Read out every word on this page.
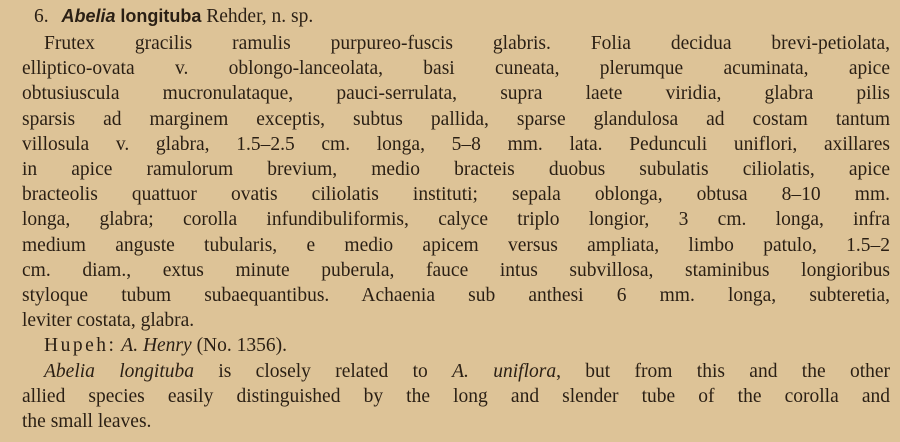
6. Abelia longituba Rehder, n. sp.
Frutex gracilis ramulis purpureo-fuscis glabris. Folia decidua brevi-petiolata,
elliptico-ovata v. oblongo-lanceolata, basi cuneata, plerumque acuminata, apice
obtusiuscula mucronulataque, pauci-serrulata, supra laete viridia, glabra pilis
sparsis ad marginem exceptis, subtus pallida, sparse glandulosa ad costam tantum
villosula v. glabra, 1.5–2.5 cm. longa, 5–8 mm. lata. Pedunculi uniflori, axillares
in apice ramulorum brevium, medio bracteis duobus subulatis ciliolatis, apice
bracteolis quattuor ovatis ciliolatis instituti; sepala oblonga, obtusa 8–10 mm.
longa, glabra; corolla infundibuliformis, calyce triplo longior, 3 cm. longa, infra
medium anguste tubularis, e medio apicem versus ampliata, limbo patulo, 1.5–2
cm. diam., extus minute puberula, fauce intus subvillosa, staminibus longioribus
styloque tubum subaequantibus. Achaenia sub anthesi 6 mm. longa, subteretia,
leviter costata, glabra.
Hupeh: A. Henry (No. 1356).
Abelia longituba is closely related to A. uniflora, but from this and the other
allied species easily distinguished by the long and slender tube of the corolla and
the small leaves.
